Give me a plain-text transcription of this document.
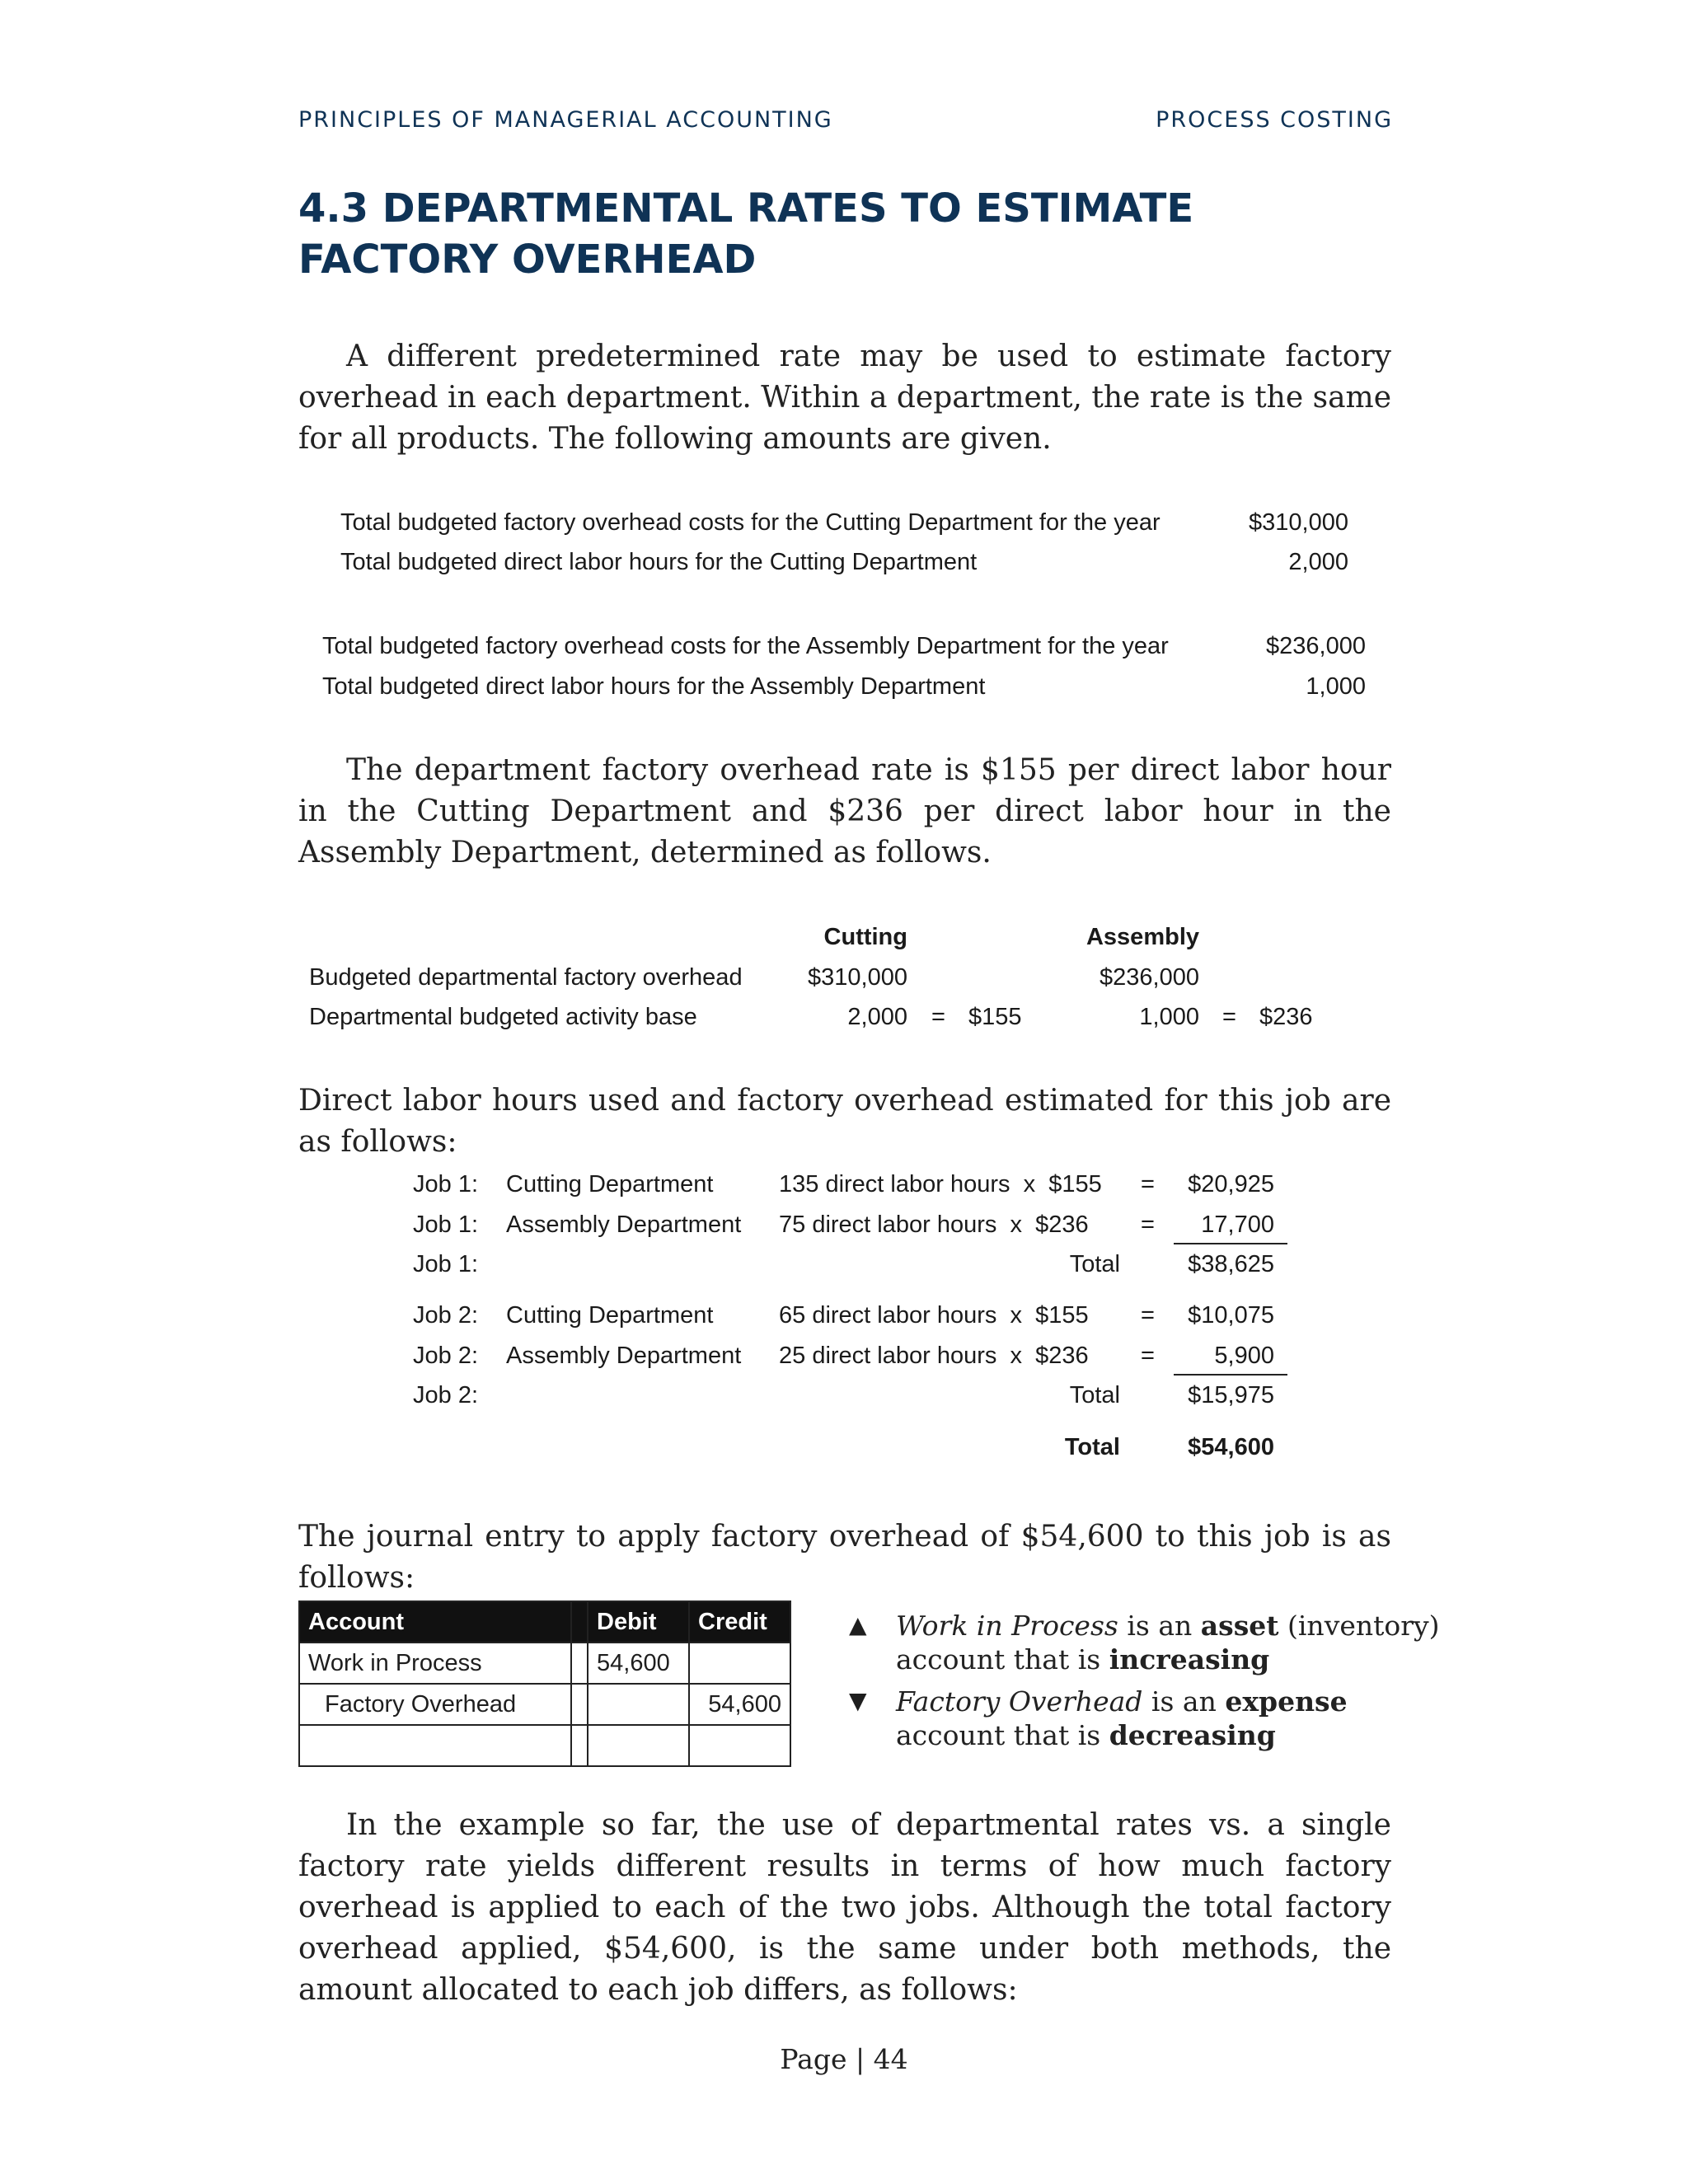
PRINCIPLES OF MANAGERIAL ACCOUNTING	PROCESS COSTING
4.3 DEPARTMENTAL RATES TO ESTIMATE
FACTORY OVERHEAD
A different predetermined rate may be used to estimate factory overhead in each department. Within a department, the rate is the same for all products. The following amounts are given.
Total budgeted factory overhead costs for the Cutting Department for the year	$310,000
Total budgeted direct labor hours for the Cutting Department	2,000
Total budgeted factory overhead costs for the Assembly Department for the year	$236,000
Total budgeted direct labor hours for the Assembly Department	1,000
The department factory overhead rate is $155 per direct labor hour in the Cutting Department and $236 per direct labor hour in the Assembly Department, determined as follows.
Cutting	Assembly
Budgeted departmental factory overhead	$310,000	$236,000
Departmental budgeted activity base	2,000 = $155	1,000 = $236
Direct labor hours used and factory overhead estimated for this job are as follows:
Job 1: Cutting Department	135 direct labor hours  x  $155 = $20,925
Job 1: Assembly Department 75 direct labor hours  x  $236 = 17,700
Job 1:	Total	$38,625
Job 2: Cutting Department	65 direct labor hours  x  $155 = $10,075
Job 2: Assembly Department 25 direct labor hours  x  $236 = 5,900
Job 2:	Total	$15,975
Total	$54,600
The journal entry to apply factory overhead of $54,600 to this job is as follows:
Account		Debit	Credit
Work in Process		54,600	
Factory Overhead			54,600

▲ Work in Process is an asset (inventory)
account that is increasing
▼ Factory Overhead is an expense
account that is decreasing
In the example so far, the use of departmental rates vs. a single factory rate yields different results in terms of how much factory overhead is applied to each of the two jobs. Although the total factory overhead applied, $54,600, is the same under both methods, the amount allocated to each job differs, as follows:
Page | 44
